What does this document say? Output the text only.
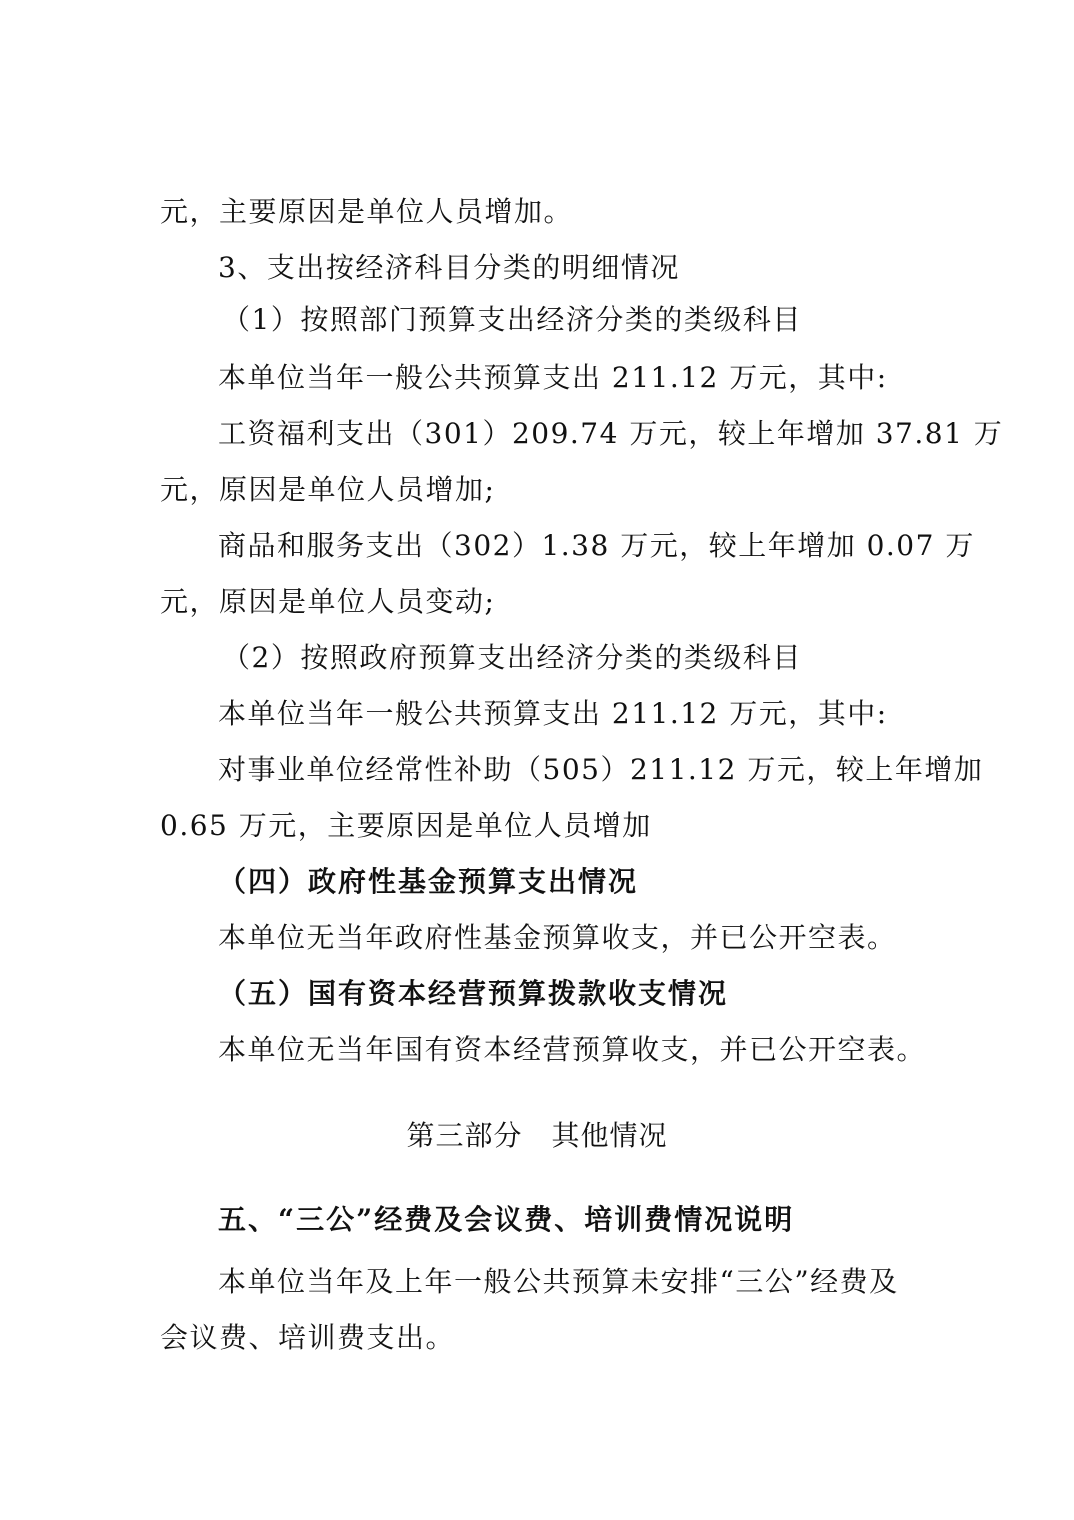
元，主要原因是单位人员增加。
3、支出按经济科目分类的明细情况
（1）按照部门预算支出经济分类的类级科目
本单位当年一般公共预算支出 211.12 万元，其中:
工资福利支出（301）209.74 万元，较上年增加 37.81 万
元，原因是单位人员增加;
商品和服务支出（302）1.38 万元，较上年增加 0.07 万
元，原因是单位人员变动;
（2）按照政府预算支出经济分类的类级科目
本单位当年一般公共预算支出 211.12 万元，其中:
对事业单位经常性补助（505）211.12 万元，较上年增加
0.65 万元，主要原因是单位人员增加
（四）政府性基金预算支出情况
本单位无当年政府性基金预算收支，并已公开空表。
（五）国有资本经营预算拨款收支情况
本单位无当年国有资本经营预算收支，并已公开空表。
第三部分　其他情况
五、“三公”经费及会议费、培训费情况说明
本单位当年及上年一般公共预算未安排“三公”经费及
会议费、培训费支出。
